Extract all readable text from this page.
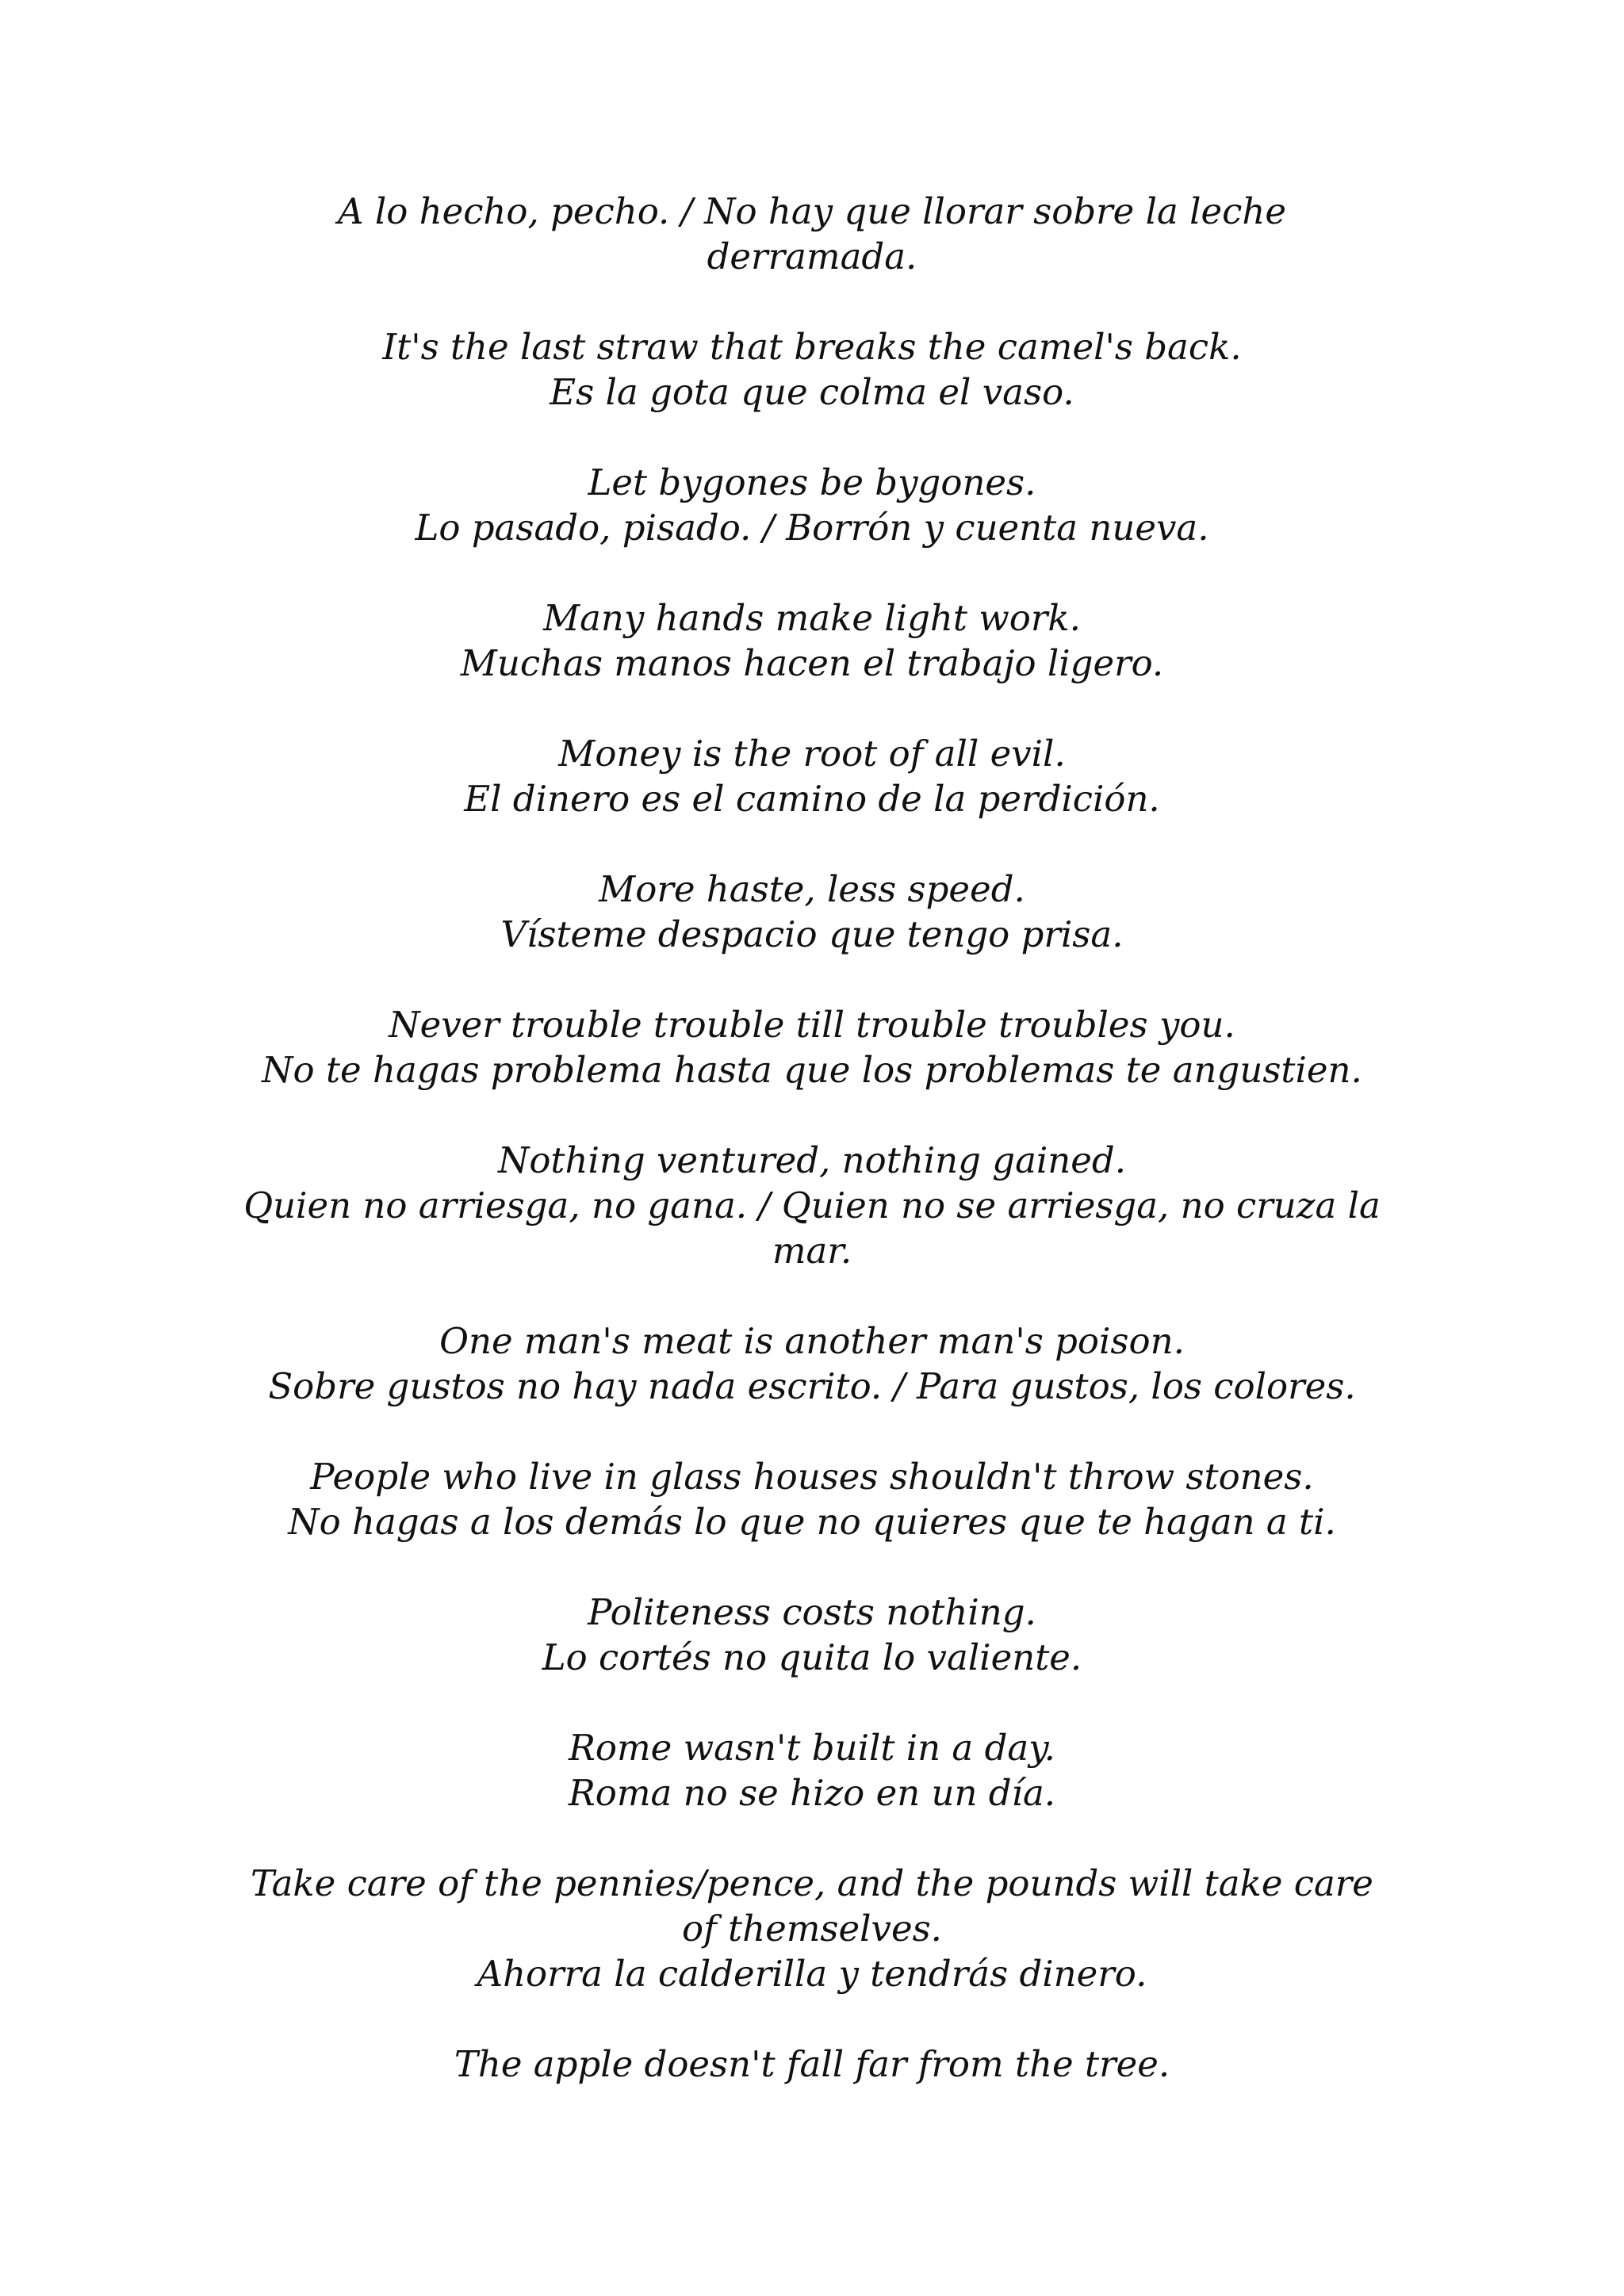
A lo hecho, pecho. / No hay que llorar sobre la leche derramada.
It's the last straw that breaks the camel's back.
Es la gota que colma el vaso.
Let bygones be bygones.
Lo pasado, pisado. / Borrón y cuenta nueva.
Many hands make light work.
Muchas manos hacen el trabajo ligero.
Money is the root of all evil.
El dinero es el camino de la perdición.
More haste, less speed.
Vísteme despacio que tengo prisa.
Never trouble trouble till trouble troubles you.
No te hagas problema hasta que los problemas te angustien.
Nothing ventured, nothing gained.
Quien no arriesga, no gana. / Quien no se arriesga, no cruza la mar.
One man's meat is another man's poison.
Sobre gustos no hay nada escrito. / Para gustos, los colores.
People who live in glass houses shouldn't throw stones.
No hagas a los demás lo que no quieres que te hagan a ti.
Politeness costs nothing.
Lo cortés no quita lo valiente.
Rome wasn't built in a day.
Roma no se hizo en un día.
Take care of the pennies/pence, and the pounds will take care of themselves.
Ahorra la calderilla y tendrás dinero.
The apple doesn't fall far from the tree.
